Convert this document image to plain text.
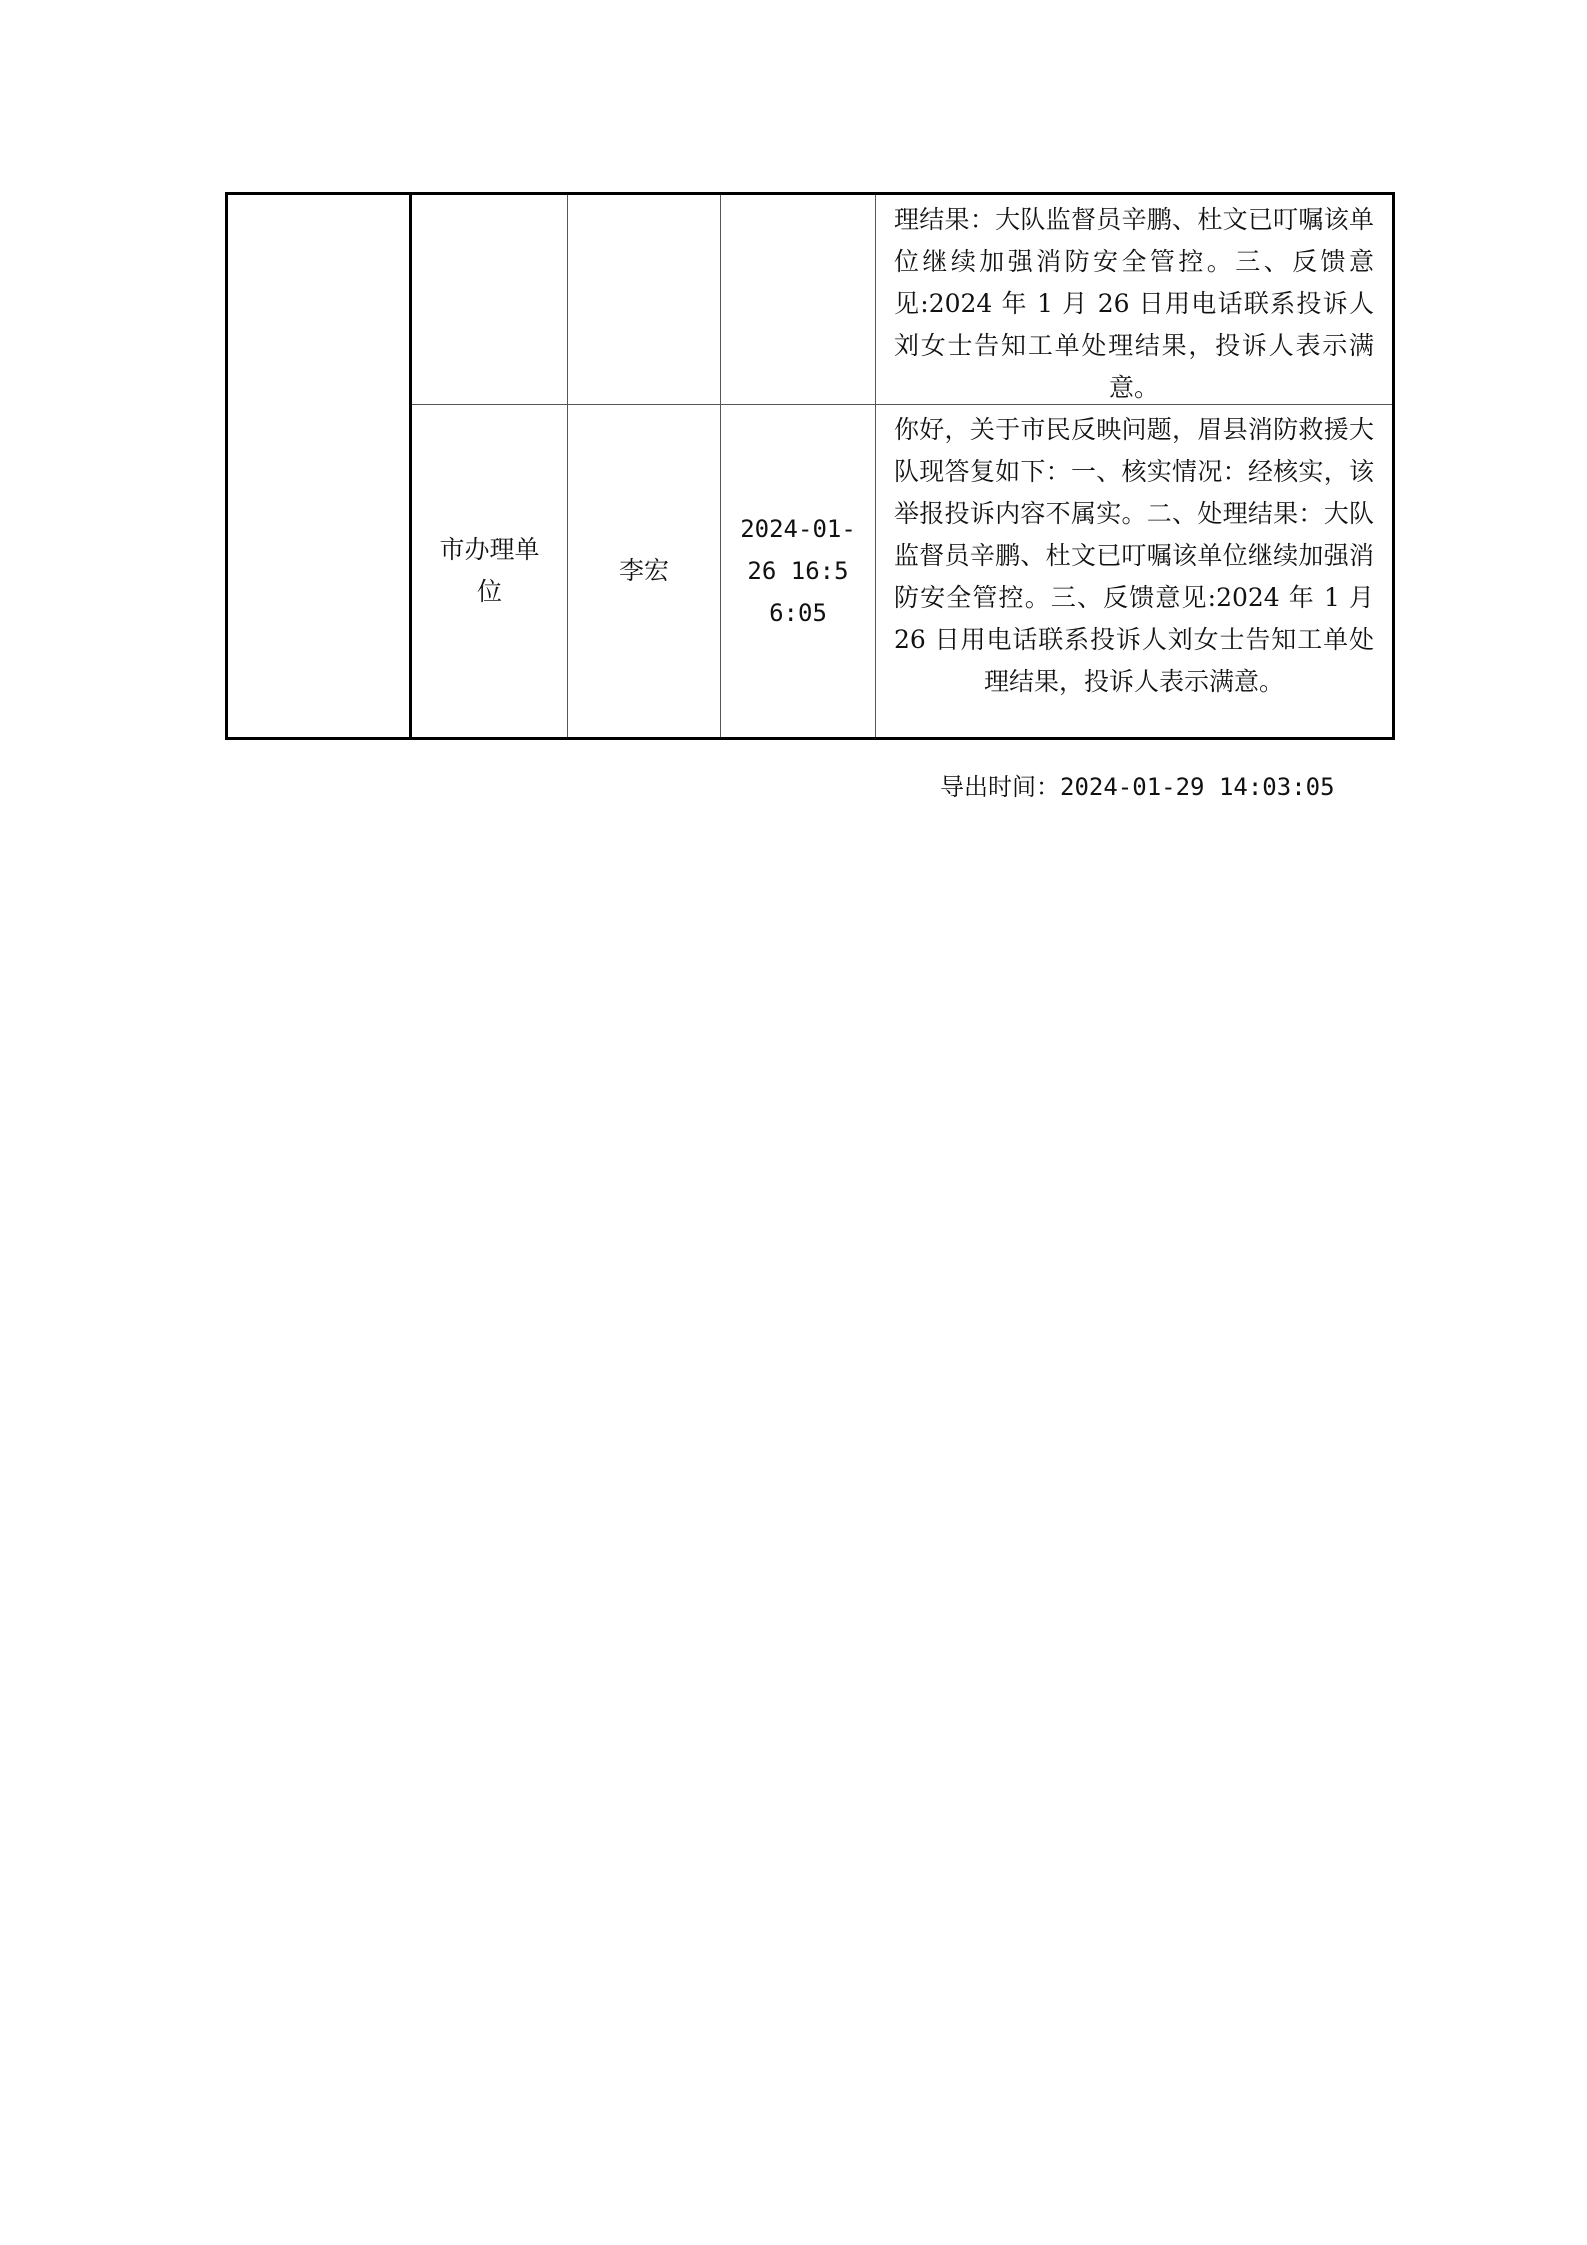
理结果：大队监督员辛鹏、杜文已叮嘱该单位继续加强消防安全管控。三、反馈意见:2024 年 1 月 26 日用电话联系投诉人刘女士告知工单处理结果，投诉人表示满意。
市办理单位
李宏
2024-01-26 16:56:05
你好，关于市民反映问题，眉县消防救援大队现答复如下：一、核实情况：经核实，该举报投诉内容不属实。二、处理结果：大队监督员辛鹏、杜文已叮嘱该单位继续加强消防安全管控。三、反馈意见:2024 年 1 月 26 日用电话联系投诉人刘女士告知工单处理结果，投诉人表示满意。
导出时间：2024-01-29 14:03:05
